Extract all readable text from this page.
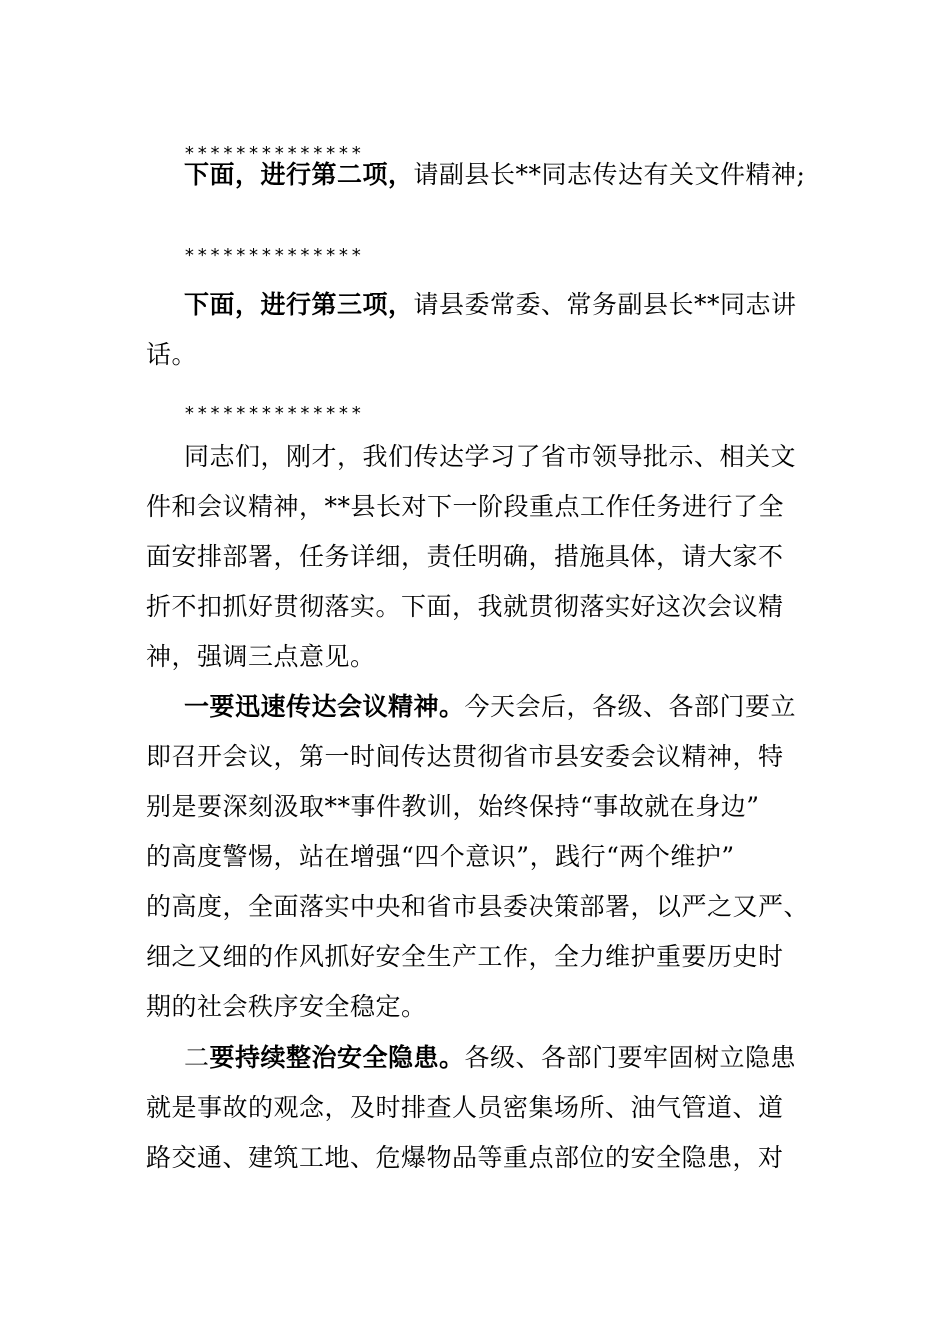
**************
下面，进行第二项，请副县长**同志传达有关文件精神;
**************
下面，进行第三项，请县委常委、常务副县长**同志讲
话。
**************
同志们，刚才，我们传达学习了省市领导批示、相关文
件和会议精神，**县长对下一阶段重点工作任务进行了全
面安排部署，任务详细，责任明确，措施具体，请大家不
折不扣抓好贯彻落实。下面，我就贯彻落实好这次会议精
神，强调三点意见。
一要迅速传达会议精神。今天会后，各级、各部门要立
即召开会议，第一时间传达贯彻省市县安委会议精神，特
别是要深刻汲取**事件教训，始终保持“事故就在身边”
的高度警惕，站在增强“四个意识”，践行“两个维护”
的高度，全面落实中央和省市县委决策部署，以严之又严、
细之又细的作风抓好安全生产工作，全力维护重要历史时
期的社会秩序安全稳定。
二要持续整治安全隐患。各级、各部门要牢固树立隐患
就是事故的观念，及时排查人员密集场所、油气管道、道
路交通、建筑工地、危爆物品等重点部位的安全隐患，对
